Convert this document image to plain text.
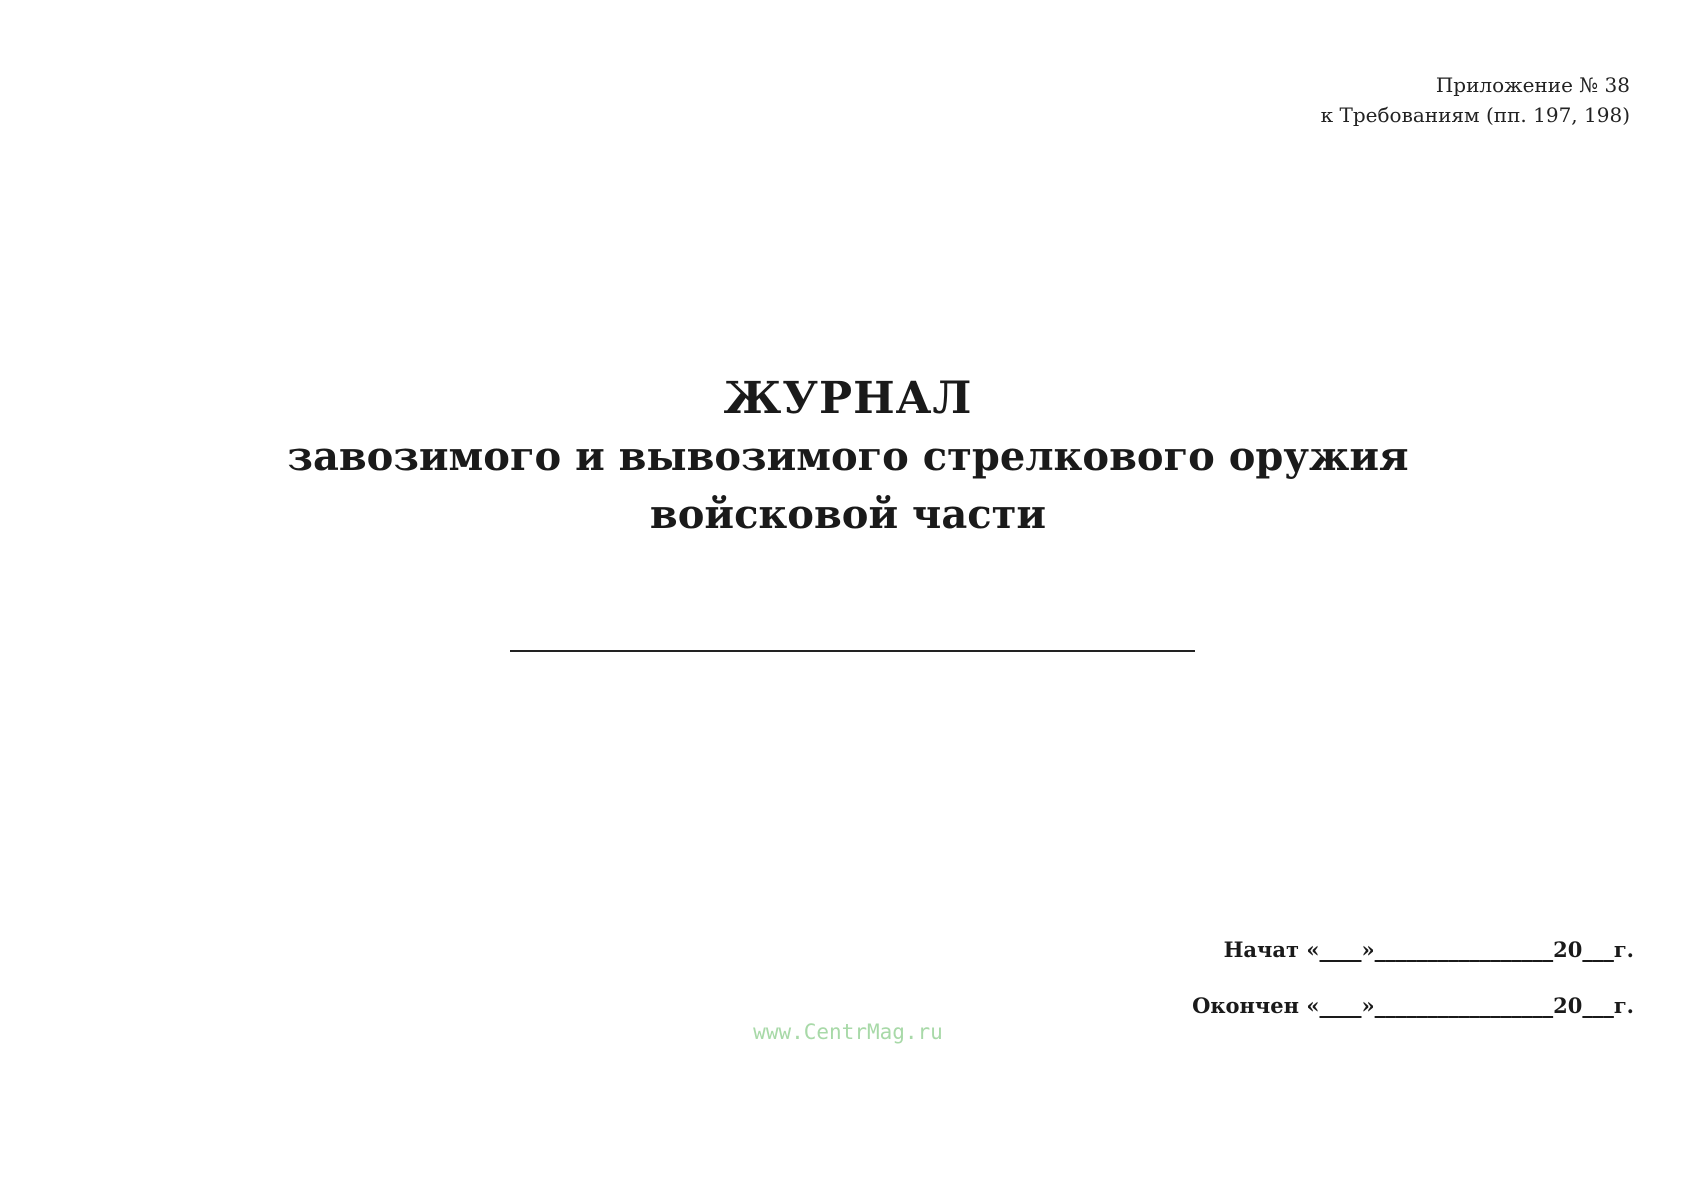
Приложение № 38
к Требованиям (пп. 197, 198)
ЖУРНАЛ
завозимого и вывозимого стрелкового оружия
войсковой части
Начат «____»_________________20___г.
Окончен «____»_________________20___г.
www.CentrMag.ru
